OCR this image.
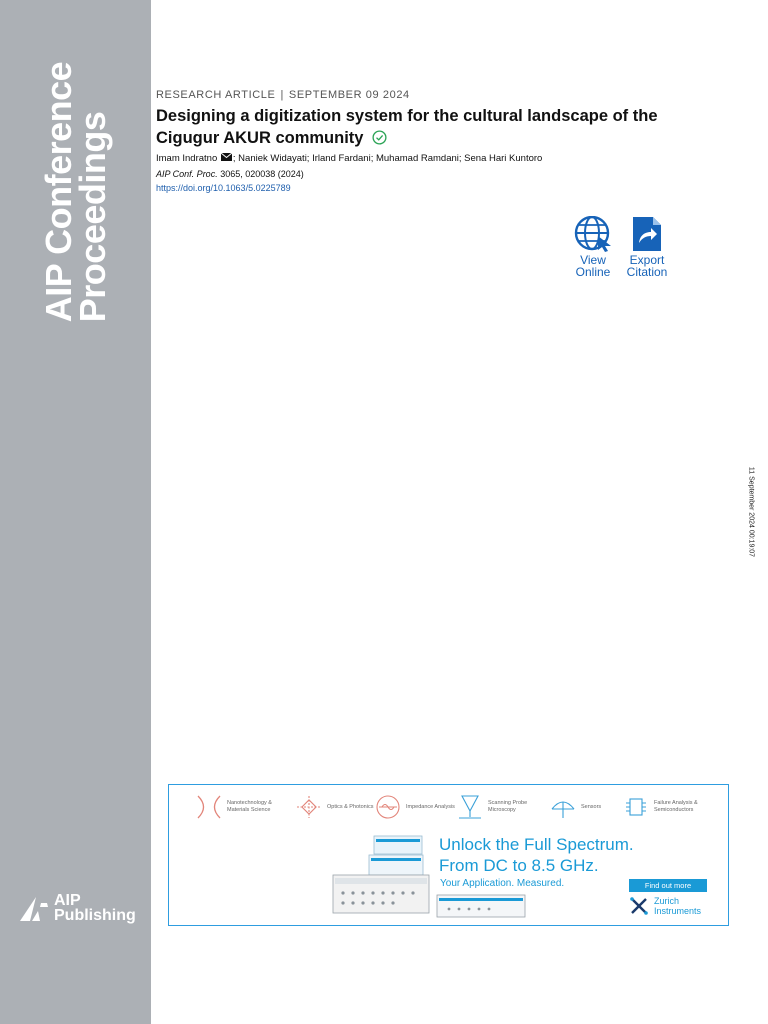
AIP Conference
Proceedings
AIP
Publishing
RESEARCH ARTICLE | SEPTEMBER 09 2024
Designing a digitization system for the cultural landscape of the Cigugur AKUR community
Imam Indratno ; Naniek Widayati; Irland Fardani; Muhamad Ramdani; Sena Hari Kuntoro
AIP Conf. Proc. 3065, 020038 (2024)
https://doi.org/10.1063/5.0225789
View
Online
Export
Citation
11 September 2024 00:19:07
Nanotechnology & Materials Science
Optics & Photonics	Impedance Analysis
Scanning Probe Microscopy
Sensors
Failure Analysis & Semiconductors
Unlock the Full Spectrum.
From DC to 8.5 GHz.
Your Application. Measured.	Find out more
Zurich
Instruments
